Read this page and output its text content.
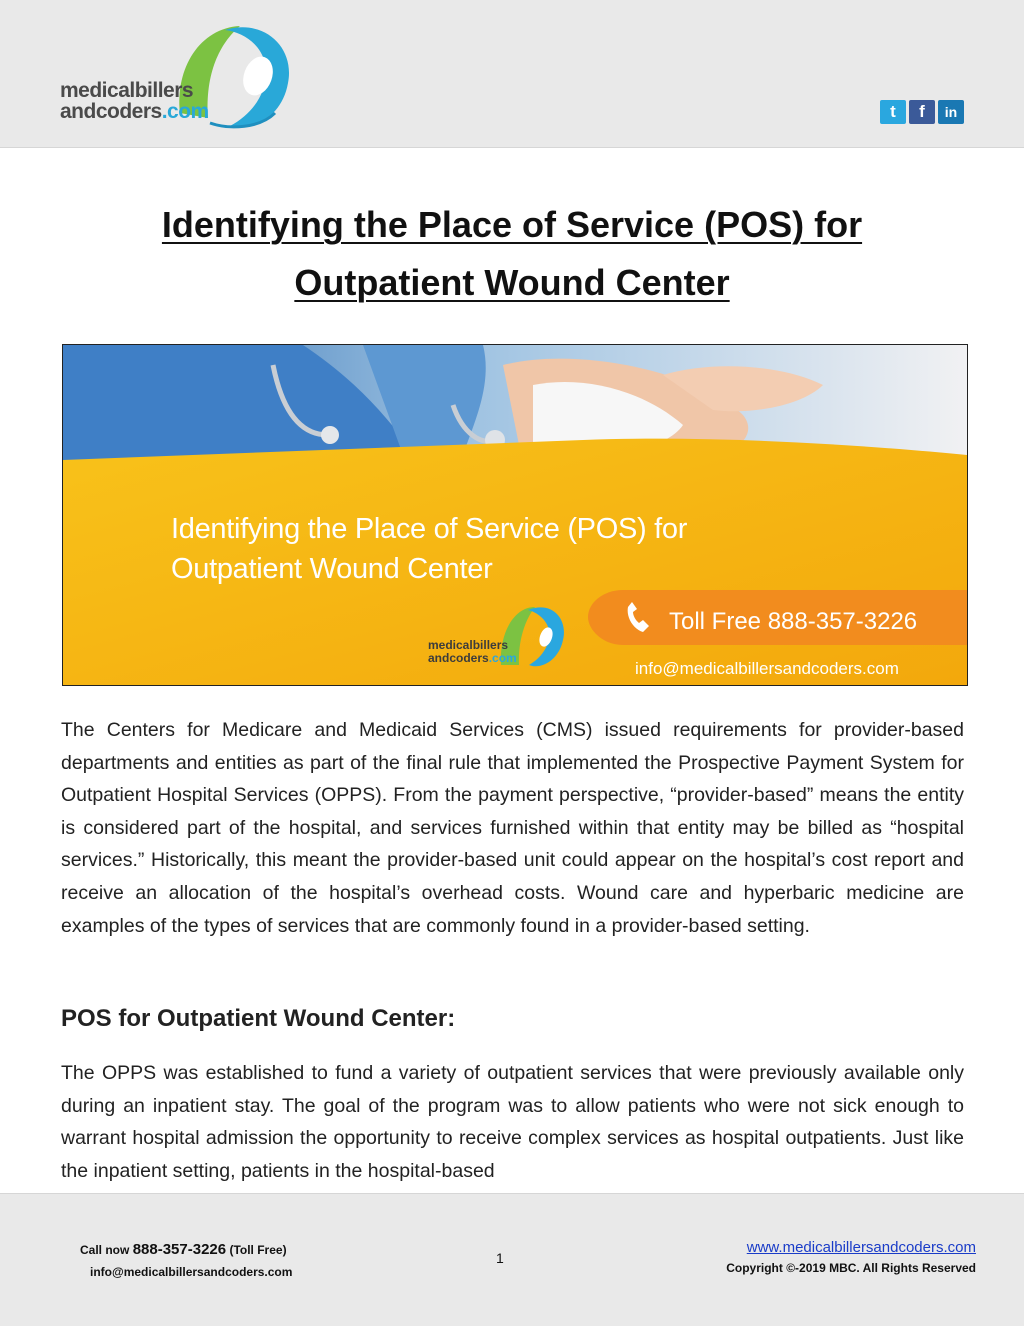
medicalbillers
andcoders.com	t	f	in
Identifying the Place of Service (POS) for
Outpatient Wound Center
Identifying the Place of Service (POS) for
Outpatient Wound Center
Toll Free 888-357-3226
info@medicalbillersandcoders.com
medicalbillers
andcoders.com
The Centers for Medicare and Medicaid Services (CMS) issued requirements for provider-based departments and entities as part of the final rule that implemented the Prospective Payment System for Outpatient Hospital Services (OPPS). From the payment perspective, “provider-based” means the entity is considered part of the hospital, and services furnished within that entity may be billed as “hospital services.” Historically, this meant the provider-based unit could appear on the hospital’s cost report and receive an allocation of the hospital’s overhead costs. Wound care and hyperbaric medicine are examples of the types of services that are commonly found in a provider-based setting.
POS for Outpatient Wound Center:
The OPPS was established to fund a variety of outpatient services that were previously available only during an inpatient stay. The goal of the program was to allow patients who were not sick enough to warrant hospital admission the opportunity to receive complex services as hospital outpatients. Just like the inpatient setting, patients in the hospital-based
Call now 888-357-3226 (Toll Free)
info@medicalbillersandcoders.com
1
www.medicalbillersandcoders.com
Copyright ©-2019 MBC. All Rights Reserved
